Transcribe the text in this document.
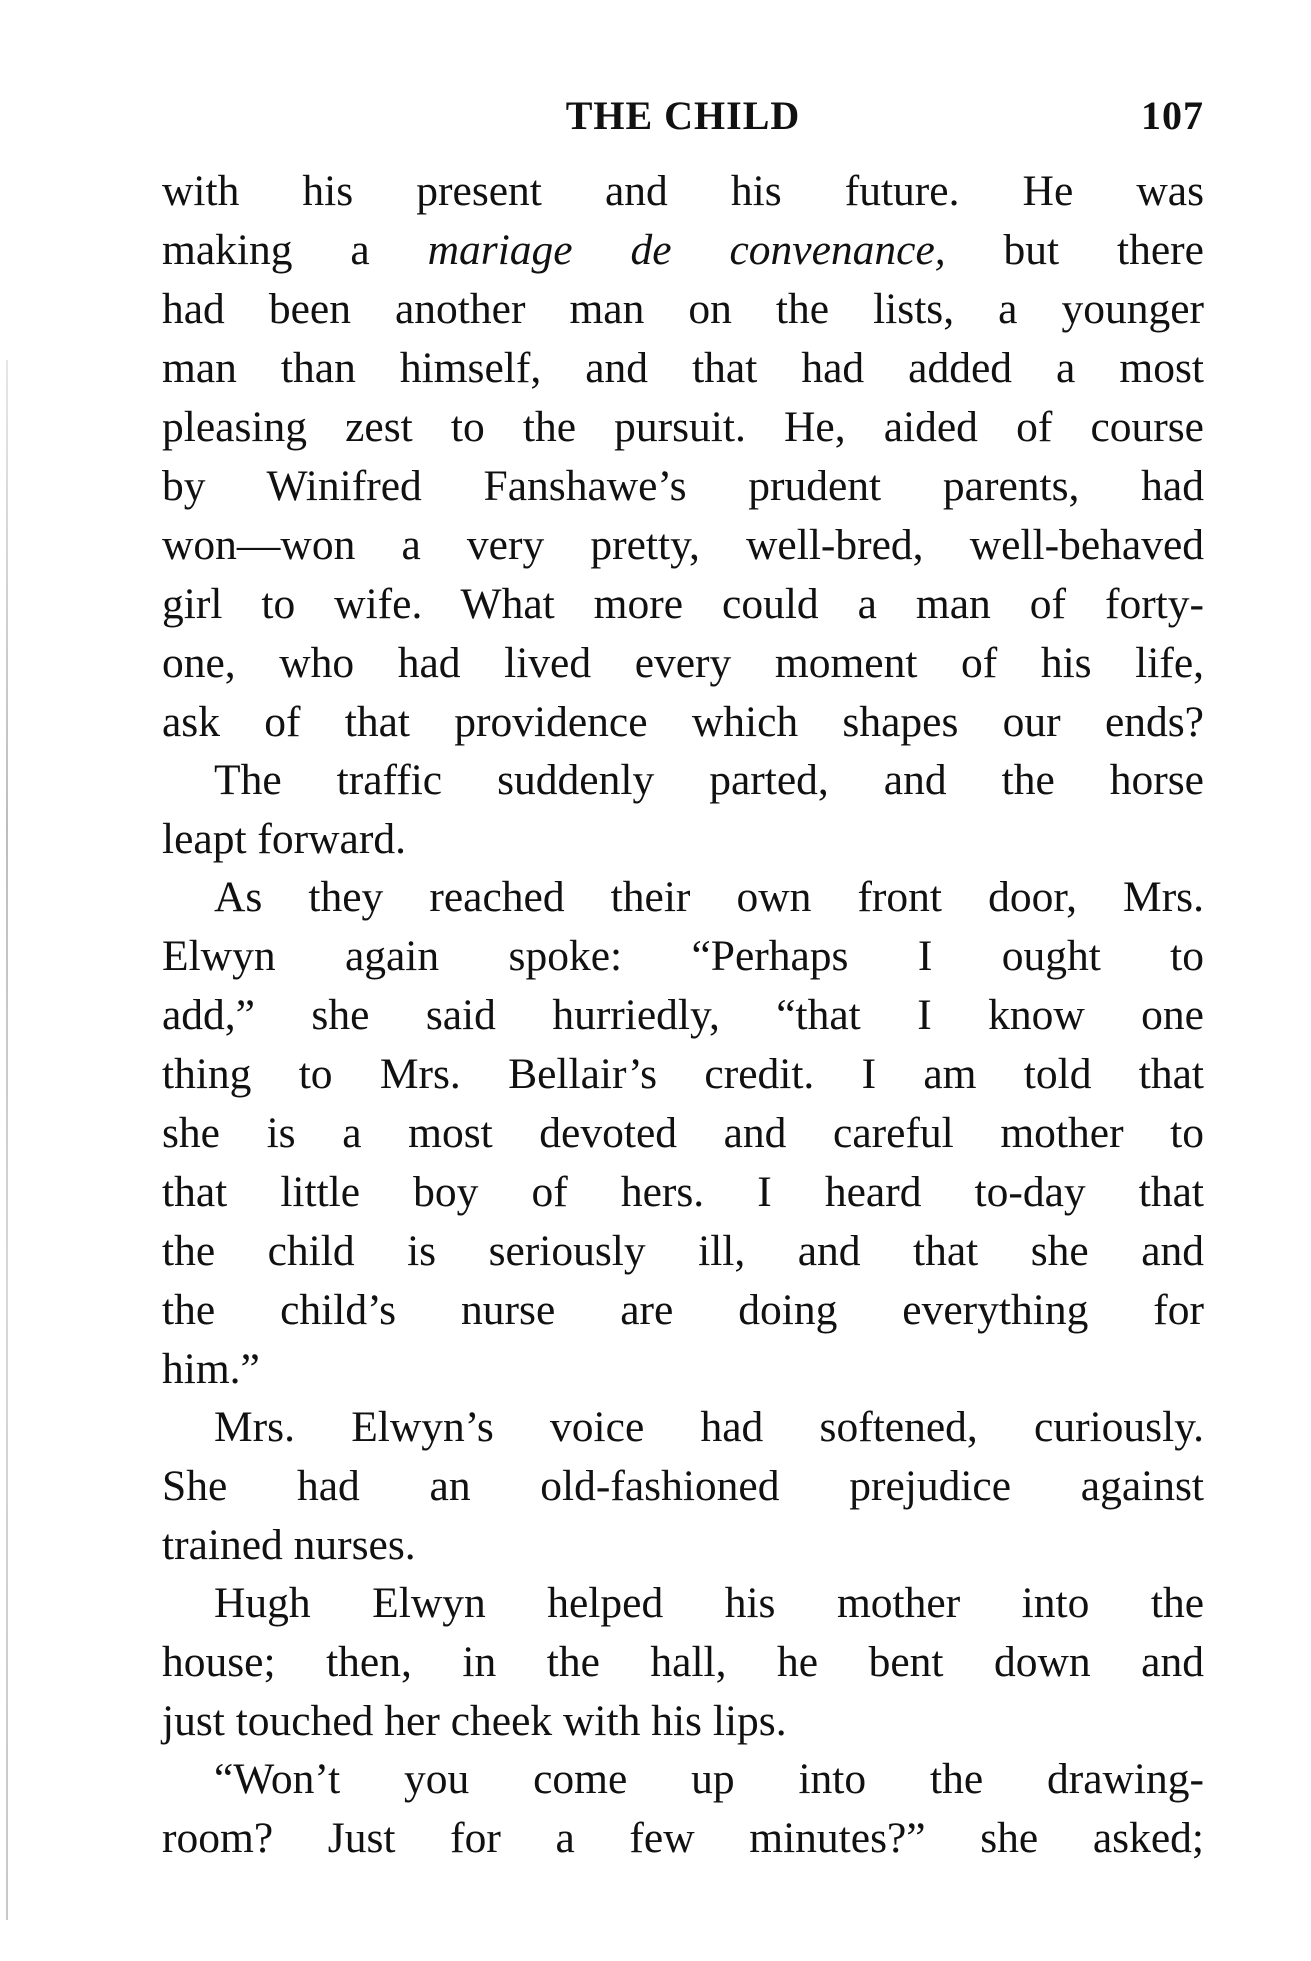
THE CHILD	107
with his present and his future. He was
making a mariage de convenance, but there
had been another man on the lists, a younger
man than himself, and that had added a most
pleasing zest to the pursuit. He, aided of course
by Winifred Fanshawe’s prudent parents, had
won—won a very pretty, well-bred, well-behaved
girl to wife. What more could a man of forty-
one, who had lived every moment of his life,
ask of that providence which shapes our ends?
The traffic suddenly parted, and the horse
leapt forward.
As they reached their own front door, Mrs.
Elwyn again spoke: “Perhaps I ought to
add,” she said hurriedly, “that I know one
thing to Mrs. Bellair’s credit. I am told that
she is a most devoted and careful mother to
that little boy of hers. I heard to-day that
the child is seriously ill, and that she and
the child’s nurse are doing everything for
him.”
Mrs. Elwyn’s voice had softened, curiously.
She had an old-fashioned prejudice against
trained nurses.
Hugh Elwyn helped his mother into the
house; then, in the hall, he bent down and
just touched her cheek with his lips.
“Won’t you come up into the drawing-
room? Just for a few minutes?” she asked;
